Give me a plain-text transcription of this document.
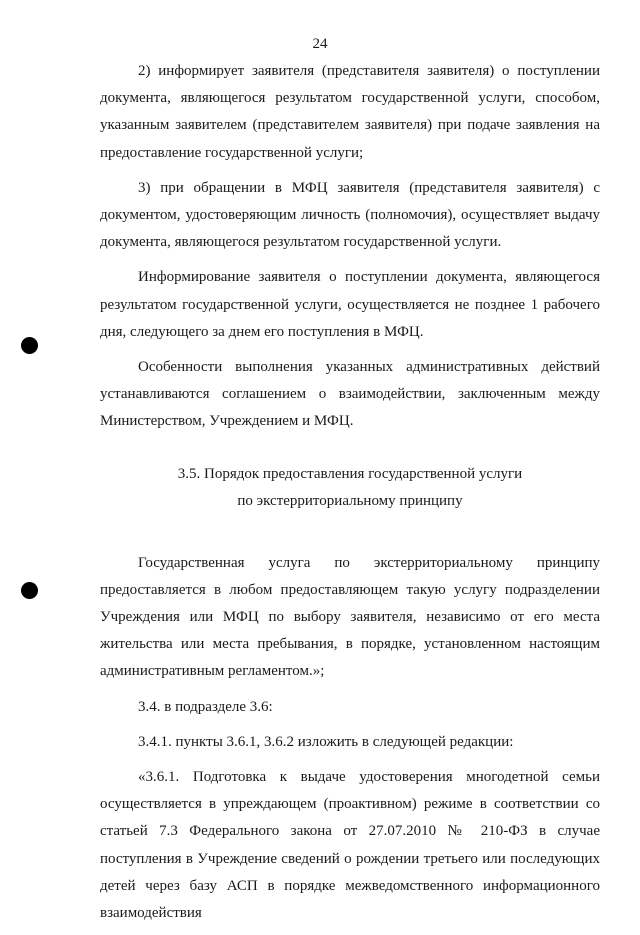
24

2) информирует заявителя (представителя заявителя) о поступлении документа, являющегося результатом государственной услуги, способом, указанным заявителем (представителем заявителя) при подаче заявления на предоставление государственной услуги;

3) при обращении в МФЦ заявителя (представителя заявителя) с документом, удостоверяющим личность (полномочия), осуществляет выдачу документа, являющегося результатом государственной услуги.

Информирование заявителя о поступлении документа, являющегося результатом государственной услуги, осуществляется не позднее 1 рабочего дня, следующего за днем его поступления в МФЦ.

Особенности выполнения указанных административных действий устанавливаются соглашением о взаимодействии, заключенным между Министерством, Учреждением и МФЦ.

3.5. Порядок предоставления государственной услуги
по экстерриториальному принципу

Государственная услуга по экстерриториальному принципу предоставляется в любом предоставляющем такую услугу подразделении Учреждения или МФЦ по выбору заявителя, независимо от его места жительства или места пребывания, в порядке, установленном настоящим административным регламентом.»;

3.4. в подразделе 3.6:

3.4.1. пункты 3.6.1, 3.6.2 изложить в следующей редакции:

«3.6.1. Подготовка к выдаче удостоверения многодетной семьи осуществляется в упреждающем (проактивном) режиме в соответствии со статьей 7.3 Федерального закона от 27.07.2010 № 210-ФЗ в случае поступления в Учреждение сведений о рождении третьего или последующих детей через базу АСП в порядке межведомственного информационного взаимодействия
